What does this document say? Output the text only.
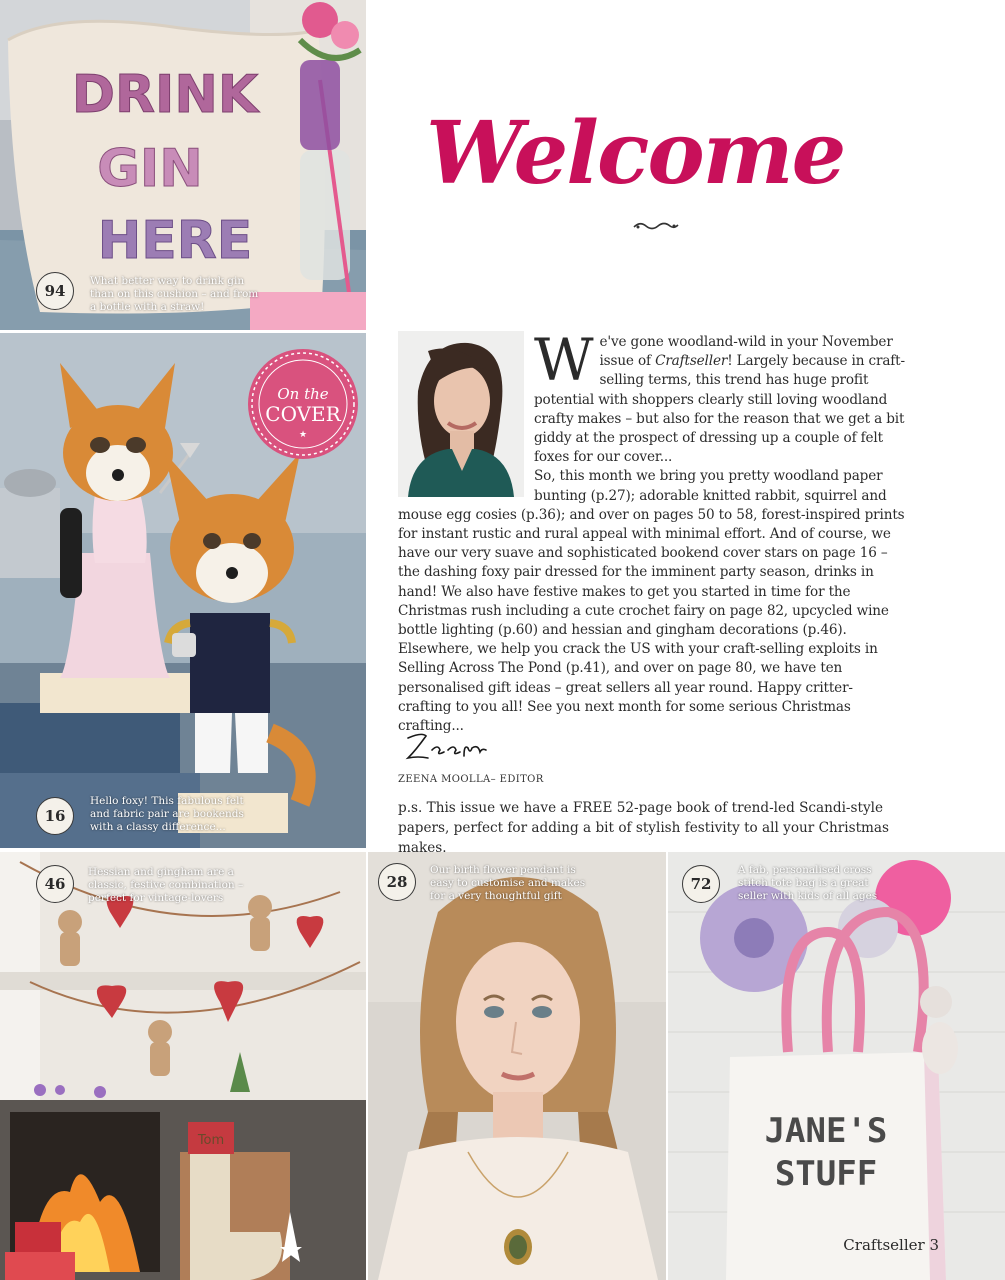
DRINK
GIN
HERE
94
What better way to drink gin than on this cushion – and from a bottle with a straw!
On the
COVER
★
16
Hello foxy! This fabulous felt and fabric pair are bookends with a classy difference...
Tom
46
Hessian and gingham are a classic, festive combination – perfect for vintage-lovers
28
Our birth flower pendant is easy to customise and makes for a very thoughtful gift
JANE'S
STUFF
72
A fab, personalised cross stitch tote bag is a great seller with kids of all ages
Welcome

We've gone woodland-wild in your November issue of Craftseller! Largely because in craft-selling terms, this trend has huge profit potential with shoppers clearly still loving woodland crafty makes – but also for the reason that we get a bit giddy at the prospect of dressing up a couple of felt foxes for our cover...

So, this month we bring you pretty woodland paper bunting (p.27); adorable knitted rabbit, squirrel and mouse egg cosies (p.36); and over on pages 50 to 58, forest-inspired prints for instant rustic and rural appeal with minimal effort. And of course, we have our very suave and sophisticated bookend cover stars on page 16 – the dashing foxy pair dressed for the imminent party season, drinks in hand! We also have festive makes to get you started in time for the Christmas rush including a cute crochet fairy on page 82, upcycled wine bottle lighting (p.60) and hessian and gingham decorations (p.46).

Elsewhere, we help you crack the US with your craft-selling exploits in Selling Across The Pond (p.41), and over on page 80, we have ten personalised gift ideas – great sellers all year round. Happy critter-crafting to you all! See you next month for some serious Christmas crafting...

ZEENA MOOLLA– EDITOR

p.s. This issue we have a FREE 52-page book of trend-led Scandi-style papers, perfect for adding a bit of stylish festivity to all your Christmas makes.

Craftseller 3
